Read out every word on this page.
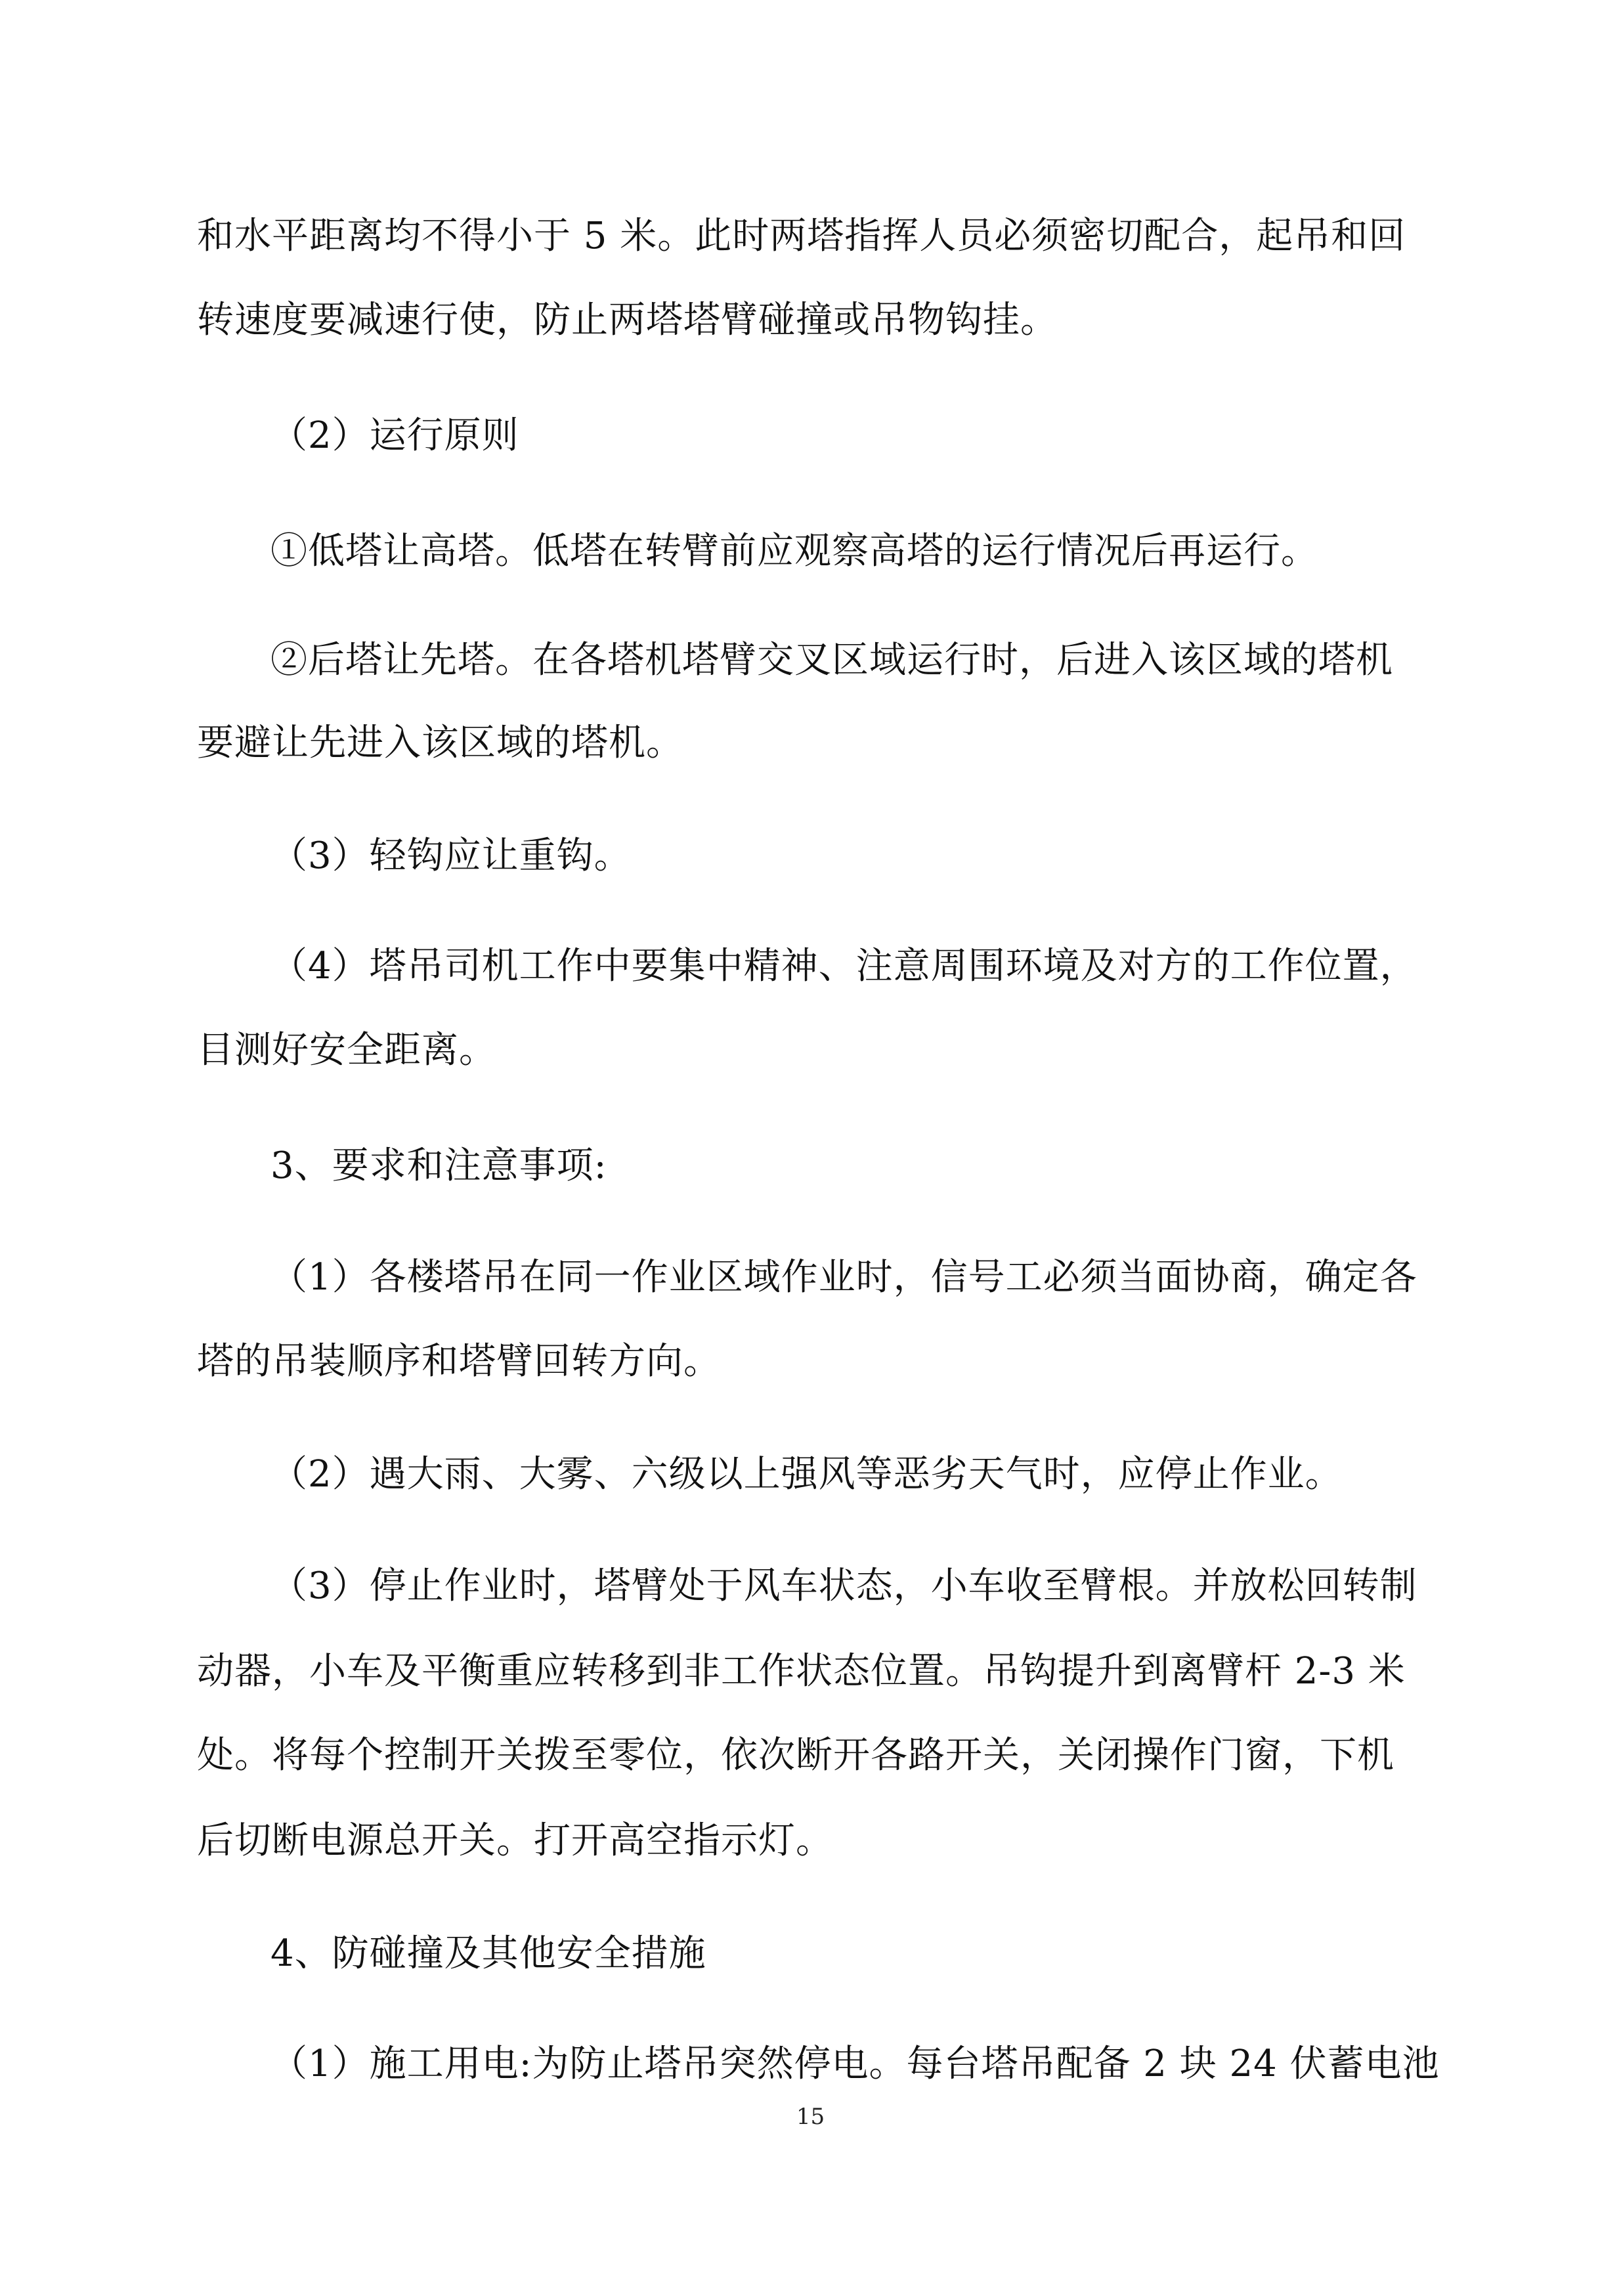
和水平距离均不得小于 5 米。此时两塔指挥人员必须密切配合，起吊和回
转速度要减速行使，防止两塔塔臂碰撞或吊物钩挂。
（2）运行原则
①低塔让高塔。低塔在转臂前应观察高塔的运行情况后再运行。
②后塔让先塔。在各塔机塔臂交叉区域运行时，后进入该区域的塔机
要避让先进入该区域的塔机。
（3）轻钩应让重钩。
（4）塔吊司机工作中要集中精神、注意周围环境及对方的工作位置，
目测好安全距离。
3、要求和注意事项:
（1）各楼塔吊在同一作业区域作业时，信号工必须当面协商，确定各
塔的吊装顺序和塔臂回转方向。
（2）遇大雨、大雾、六级以上强风等恶劣天气时，应停止作业。
（3）停止作业时，塔臂处于风车状态，小车收至臂根。并放松回转制
动器，小车及平衡重应转移到非工作状态位置。吊钩提升到离臂杆 2-3 米
处。将每个控制开关拨至零位，依次断开各路开关，关闭操作门窗，下机
后切断电源总开关。打开高空指示灯。
4、防碰撞及其他安全措施
（1）施工用电:为防止塔吊突然停电。每台塔吊配备 2 块 24 伏蓄电池
15
